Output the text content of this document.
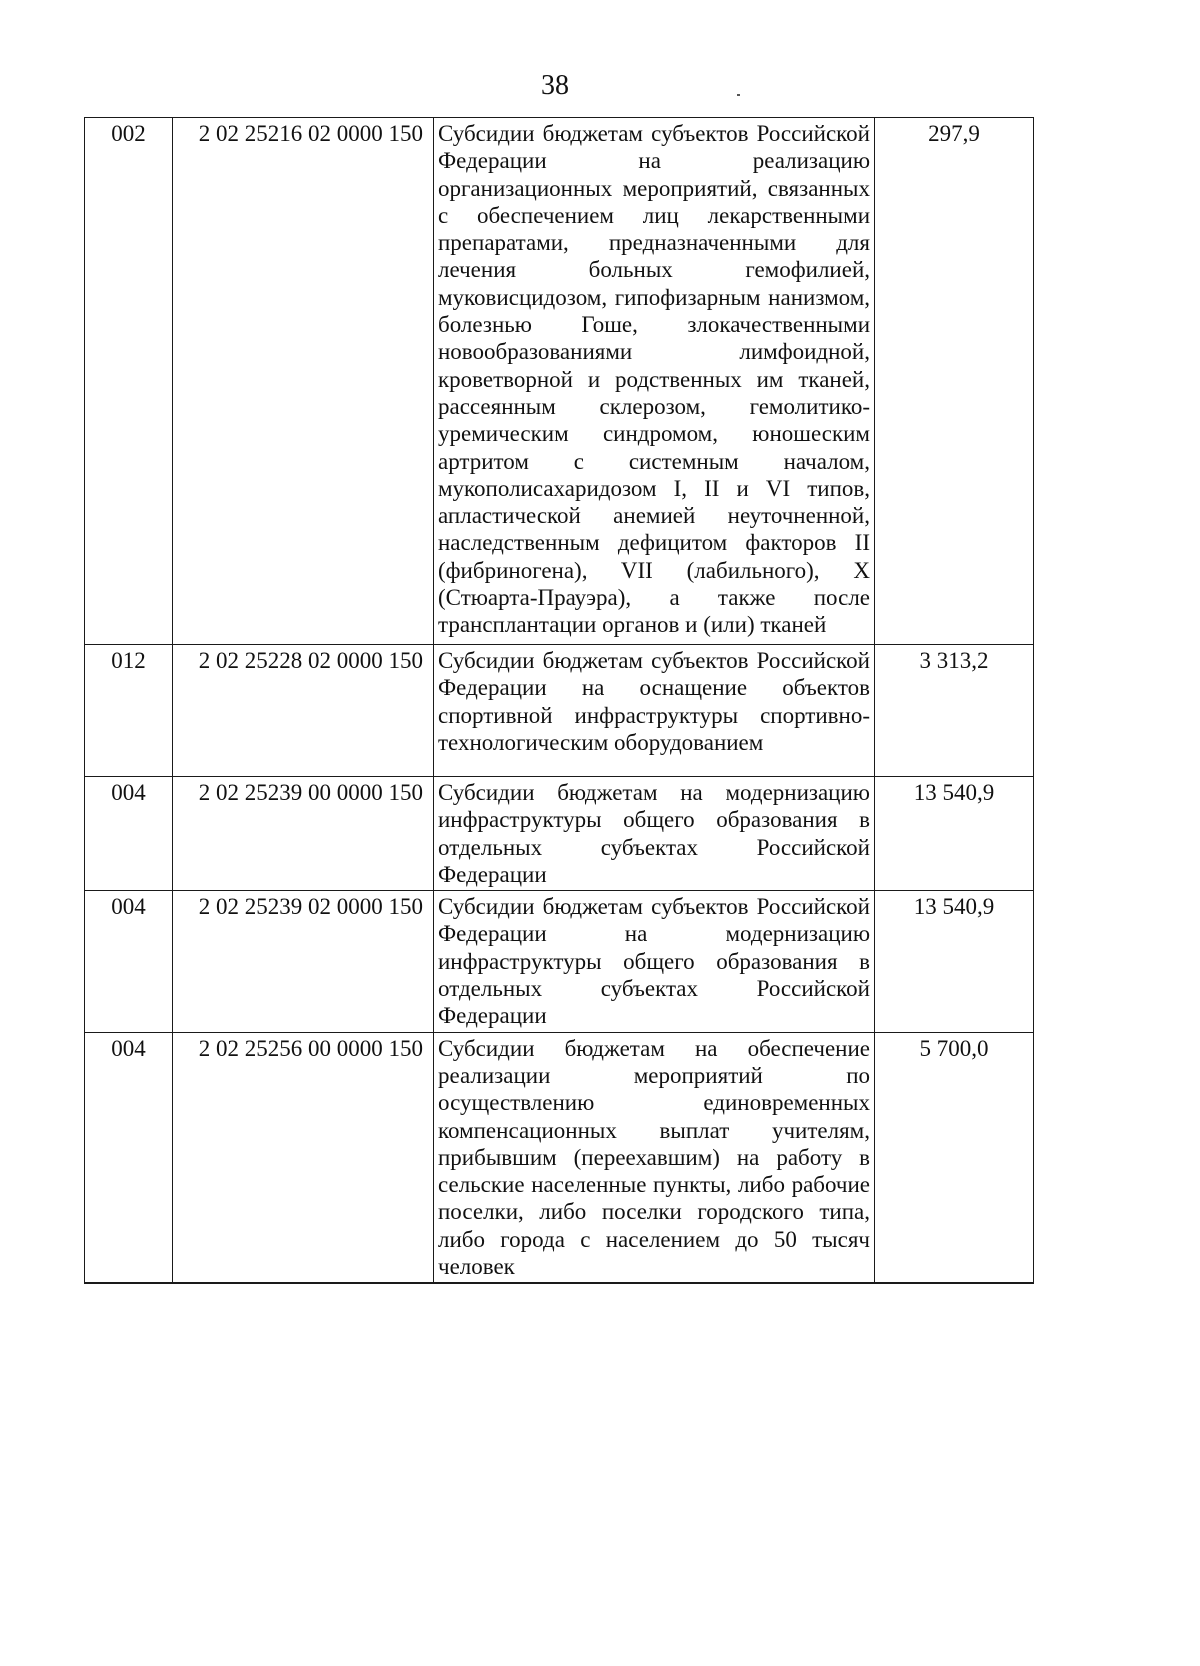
38
002	2 02 25216 02 0000 150	Субсидии бюджетам субъектов Российской Федерации на реализацию организационных мероприятий, связанных с обеспечением лиц лекарственными препаратами, предназначенными для лечения больных гемофилией, муковисцидозом, гипофизарным нанизмом, болезнью Гоше, злокачественными новообразованиями лимфоидной, кроветворной и родственных им тканей, рассеянным склерозом, гемолитико-уремическим синдромом, юношеским артритом с системным началом, мукополисахаридозом I, II и VI типов, апластической анемией неуточненной, наследственным дефицитом факторов II (фибриногена), VII (лабильного), X (Стюарта-Прауэра), а также после трансплантации органов и (или) тканей	297,9
012	2 02 25228 02 0000 150	Субсидии бюджетам субъектов Российской Федерации на оснащение объектов спортивной инфраструктуры спортивно-технологическим оборудованием	3 313,2
004	2 02 25239 00 0000 150	Субсидии бюджетам на модернизацию инфраструктуры общего образования в отдельных субъектах Российской Федерации	13 540,9
004	2 02 25239 02 0000 150	Субсидии бюджетам субъектов Российской Федерации на модернизацию инфраструктуры общего образования в отдельных субъектах Российской Федерации	13 540,9
004	2 02 25256 00 0000 150	Субсидии бюджетам на обеспечение реализации мероприятий по осуществлению единовременных компенсационных выплат учителям, прибывшим (переехавшим) на работу в сельские населенные пункты, либо рабочие поселки, либо поселки городского типа, либо города с населением до 50 тысяч человек	5 700,0
